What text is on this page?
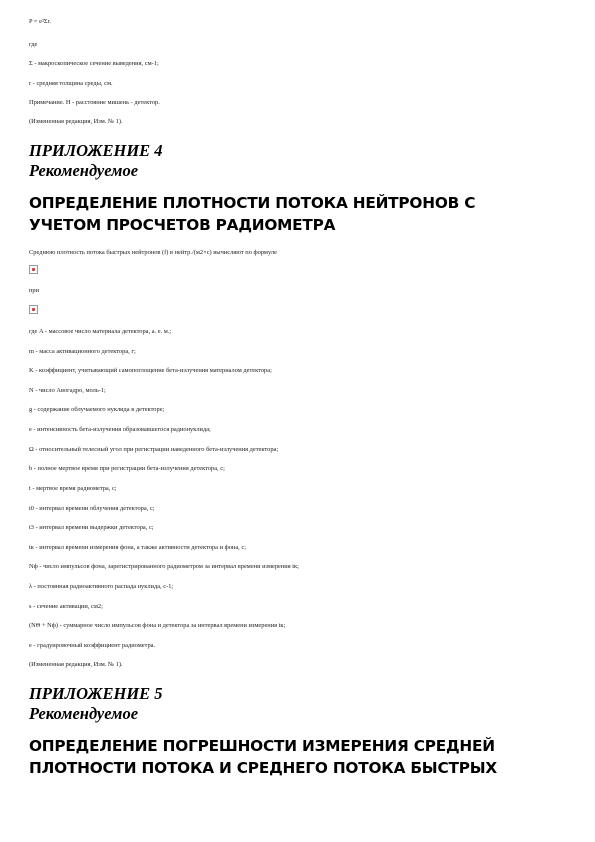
P = e²Σr.
где
Σ - макроскопическое сечение выведения, см-1;
r - средняя толщина среды, см.
Примечание. H - расстояние мишень - детектор.
(Измененная редакция, Изм. № 1).
ПРИЛОЖЕНИЕ 4
Рекомендуемое
ОПРЕДЕЛЕНИЕ ПЛОТНОСТИ ПОТОКА НЕЙТРОНОВ С
УЧЕТОМ ПРОСЧЕТОВ РАДИОМЕТРА
Среднюю плотность потока быстрых нейтронов (f) в нейтр./(м2×с) вычисляют по формуле
при
где A - массовое число материала детектора, а. е. м.;
m - масса активационного детектора, г;
K - коэффициент, учитывающий самопоглощение бета-излучения материалом детектора;
N - число Авогадро, моль-1;
g - содержание облучаемого нуклида в детекторе;
e - интенсивность бета-излучения образовавшегося радионуклида;
Ω - относительный телесный угол при регистрации наведенного бета-излучения детектора;
b - полное мертвое время при регистрации бета-излучения детектора, с;
t - мертвое время радиометра, с;
t0 - интервал времени облучения детектора, с;
t3 - интервал времени выдержки детектора, с;
tк - интервал времени измерения фона, а также активности детектора и фона, с;
Nф - число импульсов фона, зарегистрированного радиометром за интервал времени измерения tк;
λ - постоянная радиоактивного распада нуклида, с-1;
s - сечение активации, см2;
(NΘ + Nф) - суммарное число импульсов фона и детектора за интервал времени измерения tк;
e - градуировочный коэффициент радиометра.
(Измененная редакция, Изм. № 1).
ПРИЛОЖЕНИЕ 5
Рекомендуемое
ОПРЕДЕЛЕНИЕ ПОГРЕШНОСТИ ИЗМЕРЕНИЯ СРЕДНЕЙ
ПЛОТНОСТИ ПОТОКА И СРЕДНЕГО ПОТОКА БЫСТРЫХ
